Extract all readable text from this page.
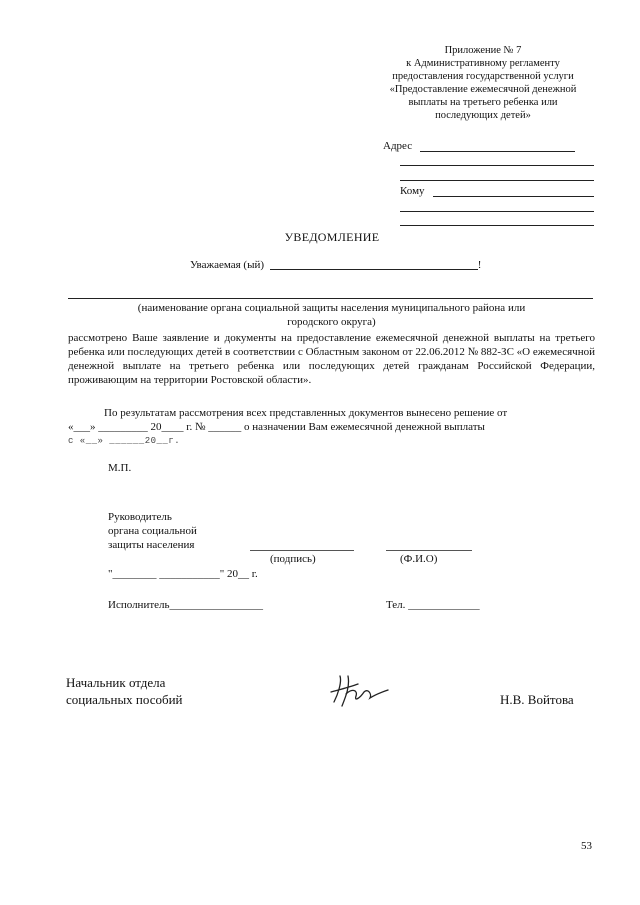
Приложение № 7
к Административному регламенту
предоставления государственной услуги
«Предоставление ежемесячной денежной
выплаты на третьего ребенка или
последующих детей»
Адрес
Кому
УВЕДОМЛЕНИЕ
Уважаемая (ый)	!
(наименование органа социальной защиты населения муниципального района или
городского округа)
рассмотрено Ваше заявление и документы на предоставление ежемесячной денежной выплаты на третьего ребенка или последующих детей в соответствии с Областным законом от 22.06.2012 № 882-ЗС «О ежемесячной денежной выплате на третьего ребенка или последующих детей гражданам Российской Федерации, проживающим на территории Ростовской области».
По результатам рассмотрения всех представленных документов вынесено решение от
«___» _________ 20____ г. № ______ о назначении Вам ежемесячной денежной выплаты
с «__» ______20__г.
М.П.
Руководитель
органа социальной
защиты населения
(подпись)	(Ф.И.О)
"________ ___________" 20__ г.
Исполнитель_________________	Тел. _____________
Начальник отдела
социальных пособий	Н.В. Войтова
53
